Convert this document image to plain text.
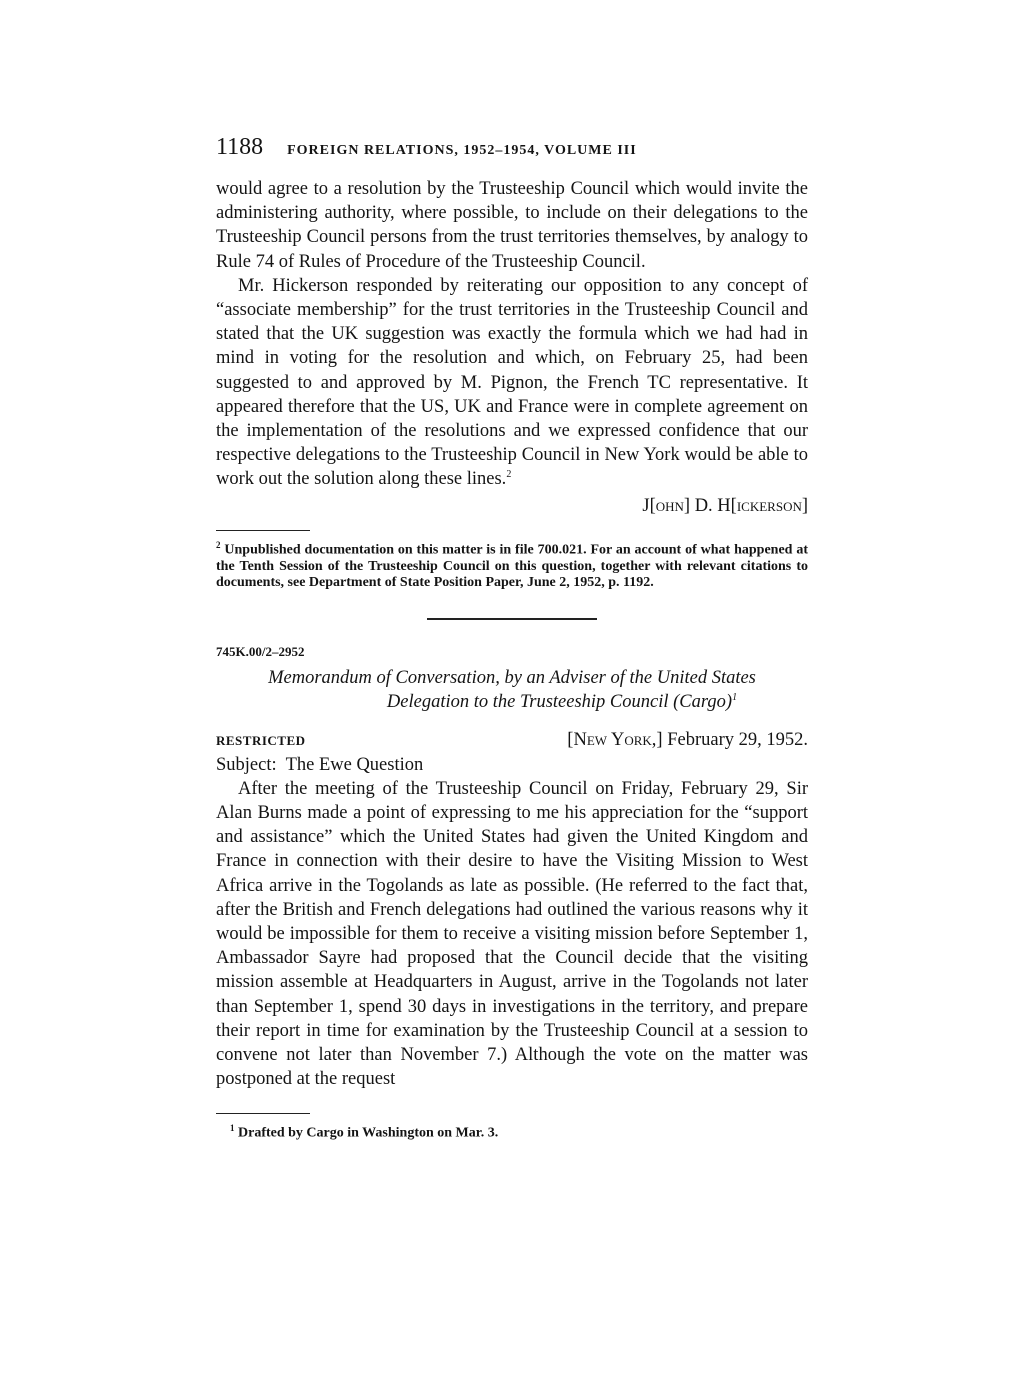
1188 FOREIGN RELATIONS, 1952–1954, VOLUME III

would agree to a resolution by the Trusteeship Council which would invite the administering authority, where possible, to include on their delegations to the Trusteeship Council persons from the trust territories themselves, by analogy to Rule 74 of Rules of Procedure of the Trusteeship Council.

Mr. Hickerson responded by reiterating our opposition to any concept of “associate membership” for the trust territories in the Trusteeship Council and stated that the UK suggestion was exactly the formula which we had had in mind in voting for the resolution and which, on February 25, had been suggested to and approved by M. Pignon, the French TC representative. It appeared therefore that the US, UK and France were in complete agreement on the implementation of the resolutions and we expressed confidence that our respective delegations to the Trusteeship Council in New York would be able to work out the solution along these lines.$^2$

J[ohn] D. H[ickerson]

$^2$ Unpublished documentation on this matter is in file 700.021. For an account of what happened at the Tenth Session of the Trusteeship Council on this question, together with relevant citations to documents, see Department of State Position Paper, June 2, 1952, p. 1192.

745K.00/2–2952

Memorandum of Conversation, by an Adviser of the United States
Delegation to the Trusteeship Council (Cargo)$^1$

RESTRICTED	[New York,] February 29, 1952.
Subject: The Ewe Question

After the meeting of the Trusteeship Council on Friday, February 29, Sir Alan Burns made a point of expressing to me his appreciation for the “support and assistance” which the United States had given the United Kingdom and France in connection with their desire to have the Visiting Mission to West Africa arrive in the Togolands as late as possible. (He referred to the fact that, after the British and French delegations had outlined the various reasons why it would be impossible for them to receive a visiting mission before September 1, Ambassador Sayre had proposed that the Council decide that the visiting mission assemble at Headquarters in August, arrive in the Togolands not later than September 1, spend 30 days in investigations in the territory, and prepare their report in time for examination by the Trusteeship Council at a session to convene not later than November 7.) Although the vote on the matter was postponed at the request

$^1$ Drafted by Cargo in Washington on Mar. 3.
